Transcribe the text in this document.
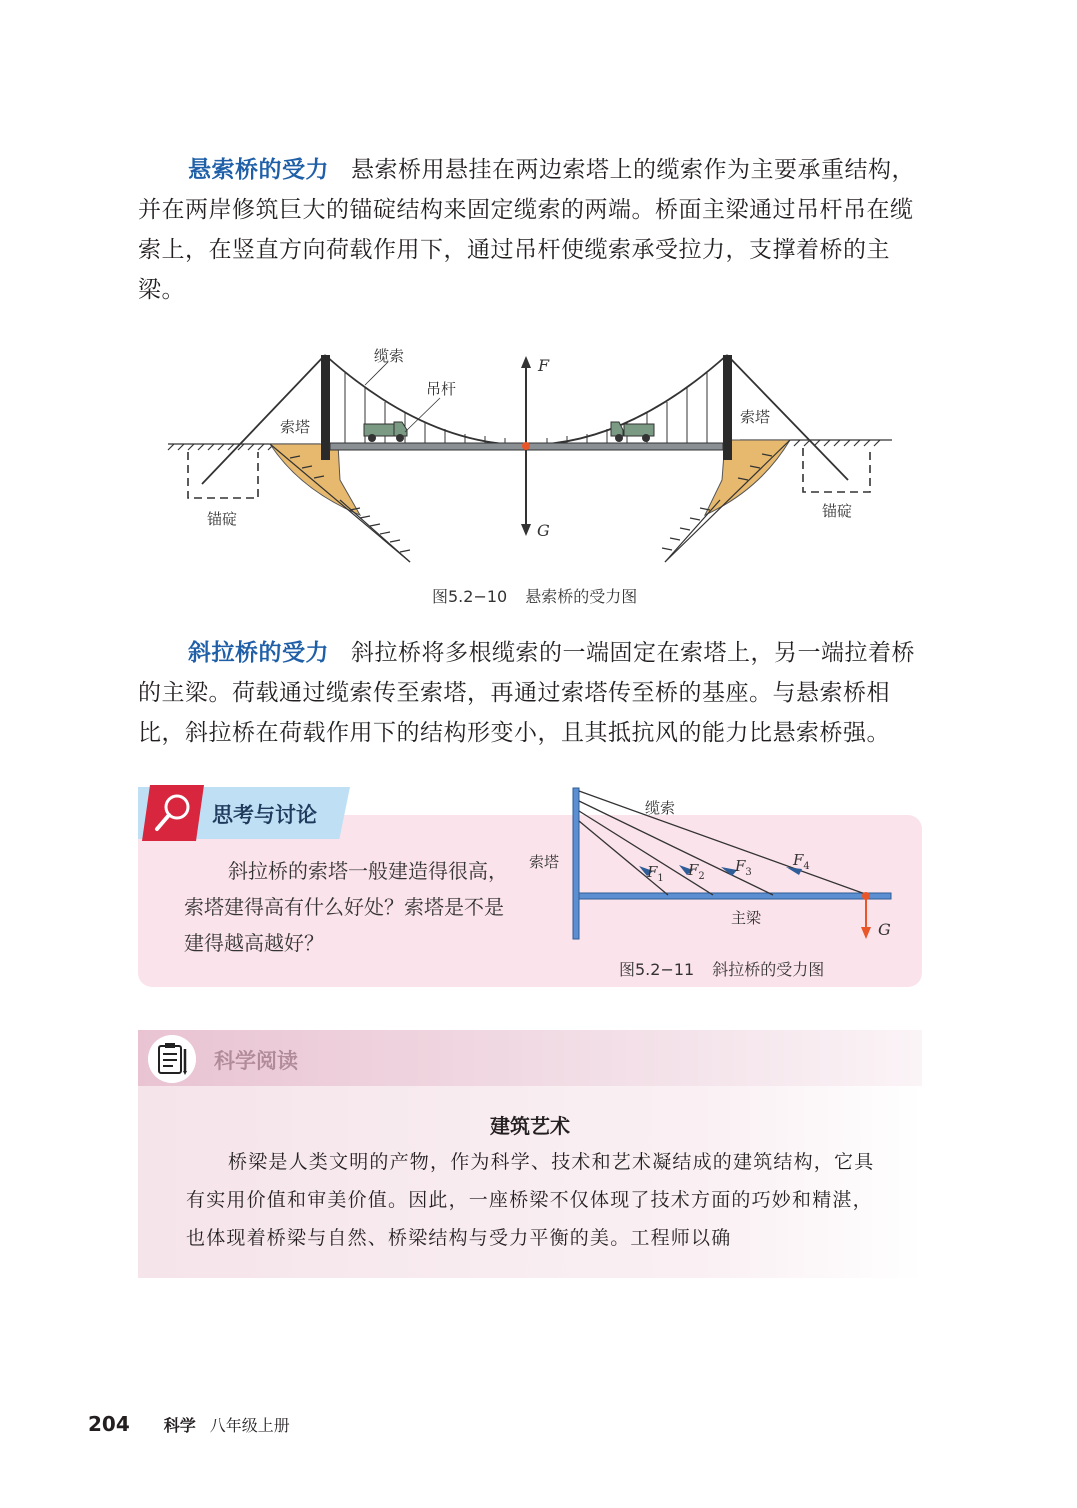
悬索桥的受力 悬索桥用悬挂在两边索塔上的缆索作为主要承重结构，并在两岸修筑巨大的锚碇结构来固定缆索的两端。桥面主梁通过吊杆吊在缆索上，在竖直方向荷载作用下，通过吊杆使缆索承受拉力，支撑着桥的主梁。
缆索
吊杆
索塔
索塔
锚碇	锚碇
F
G
图5.2−10 悬索桥的受力图
斜拉桥的受力 斜拉桥将多根缆索的一端固定在索塔上，另一端拉着桥的主梁。荷载通过缆索传至索塔，再通过索塔传至桥的基座。与悬索桥相比，斜拉桥在荷载作用下的结构形变小，且其抵抗风的能力比悬索桥强。
思考与讨论
斜拉桥的索塔一般建造得很高，索塔建得高有什么好处？索塔是不是建得越高越好？
缆索
索塔
主梁
G
$F_1$ $F_2$
$F_3$
$F_4$
图5.2−11 斜拉桥的受力图
科学阅读
建筑艺术
桥梁是人类文明的产物，作为科学、技术和艺术凝结成的建筑结构，它具有实用价值和审美价值。因此，一座桥梁不仅体现了技术方面的巧妙和精湛，也体现着桥梁与自然、桥梁结构与受力平衡的美。工程师以确
204 科学 八年级上册
